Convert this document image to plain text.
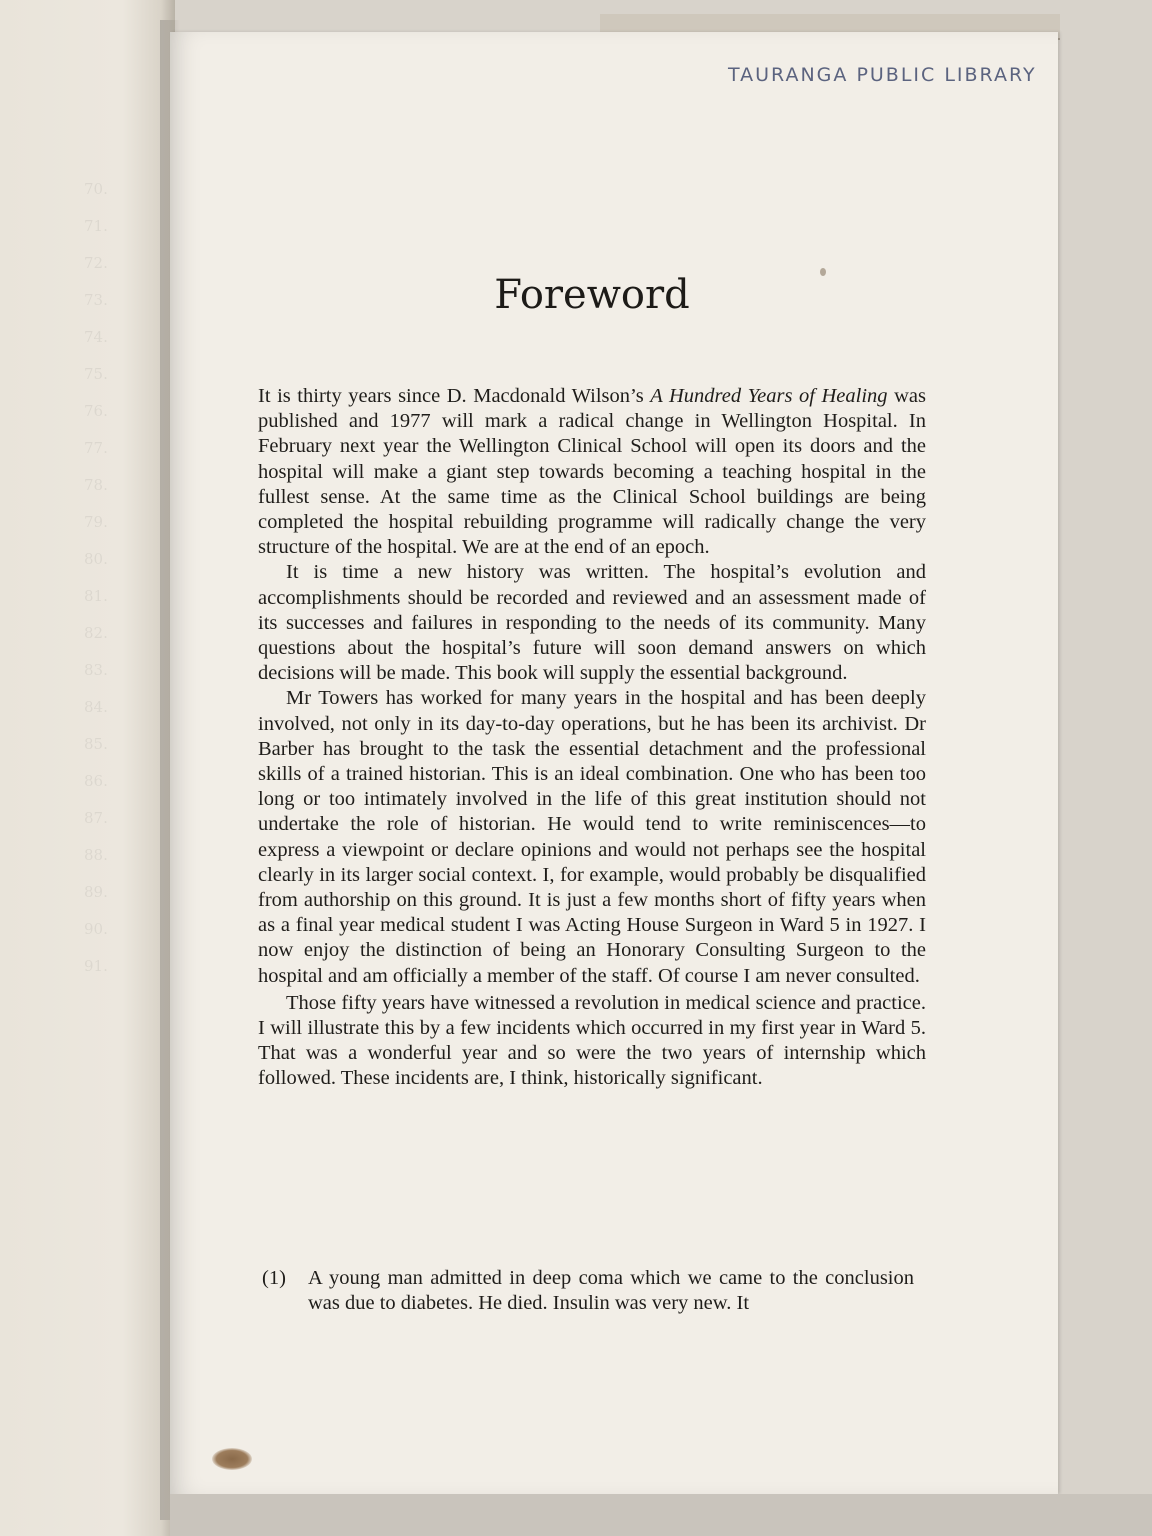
70.
71.
72.
73.
74.
75.
76.
77.
78.
79.
80.
81.
82.
83.
84.
85.
86.
87.
88.
89.
90.
91.
TAURANGA PUBLIC LIBRARY
Foreword

It is thirty years since D. Macdonald Wilson’s A Hundred Years of Healing was published and 1977 will mark a radical change in Wellington Hospital. In February next year the Wellington Clinical School will open its doors and the hospital will make a giant step towards becoming a teaching hospital in the fullest sense. At the same time as the Clinical School buildings are being completed the hospital rebuilding programme will radically change the very structure of the hospital. We are at the end of an epoch.

It is time a new history was written. The hospital’s evolution and accomplishments should be recorded and reviewed and an assessment made of its successes and failures in responding to the needs of its community. Many questions about the hospital’s future will soon demand answers on which decisions will be made. This book will supply the essential background.

Mr Towers has worked for many years in the hospital and has been deeply involved, not only in its day-to-day operations, but he has been its archivist. Dr Barber has brought to the task the essential detachment and the professional skills of a trained historian. This is an ideal combination. One who has been too long or too intimately involved in the life of this great institution should not undertake the role of historian. He would tend to write reminiscences—to express a viewpoint or declare opinions and would not perhaps see the hospital clearly in its larger social context. I, for example, would probably be disqualified from authorship on this ground. It is just a few months short of fifty years when as a final year medical student I was Acting House Surgeon in Ward 5 in 1927. I now enjoy the distinction of being an Honorary Consulting Surgeon to the hospital and am officially a member of the staff. Of course I am never consulted.

Those fifty years have witnessed a revolution in medical science and practice. I will illustrate this by a few incidents which occurred in my first year in Ward 5. That was a wonderful year and so were the two years of internship which followed. These incidents are, I think, historically significant.

(1)	A young man admitted in deep coma which we came to the conclusion was due to diabetes. He died. Insulin was very new. It
